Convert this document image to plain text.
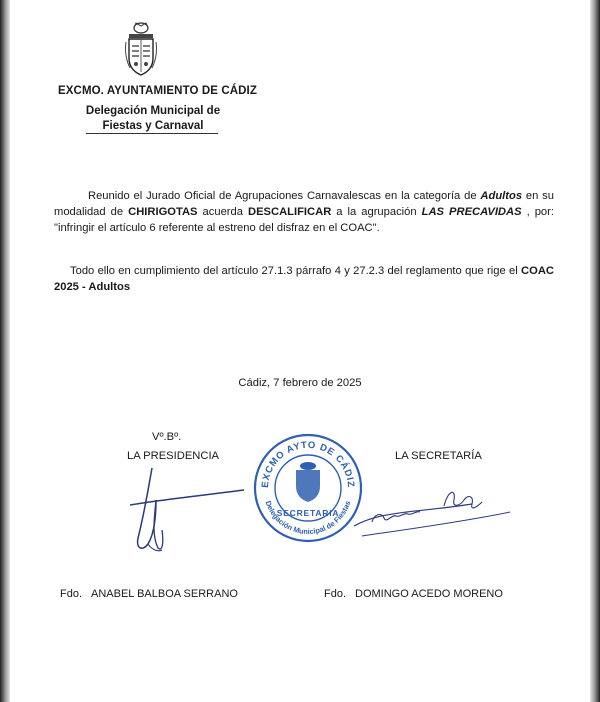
EXCMO. AYUNTAMIENTO DE CÁDIZ
Delegación Municipal de
Fiestas y Carnaval
Reunido el Jurado Oficial de Agrupaciones Carnavalescas en la categoría de Adultos en su modalidad de CHIRIGOTAS acuerda DESCALIFICAR a la agrupación LAS PRECAVIDAS , por: "infringir el artículo 6 referente al estreno del disfraz en el COAC".
Todo ello en cumplimiento del artículo 27.1.3 párrafo 4 y 27.2.3 del reglamento que rige el COAC 2025 - Adultos
Cádiz, 7 febrero de 2025
Vº.Bº.
LA PRESIDENCIA	LA SECRETARÍA
EXCMO AYTO DE CÁDIZ
Delegación Municipal de Fiestas
SECRETARIA
Fdo. ANABEL BALBOA SERRANO	Fdo. DOMINGO ACEDO MORENO
